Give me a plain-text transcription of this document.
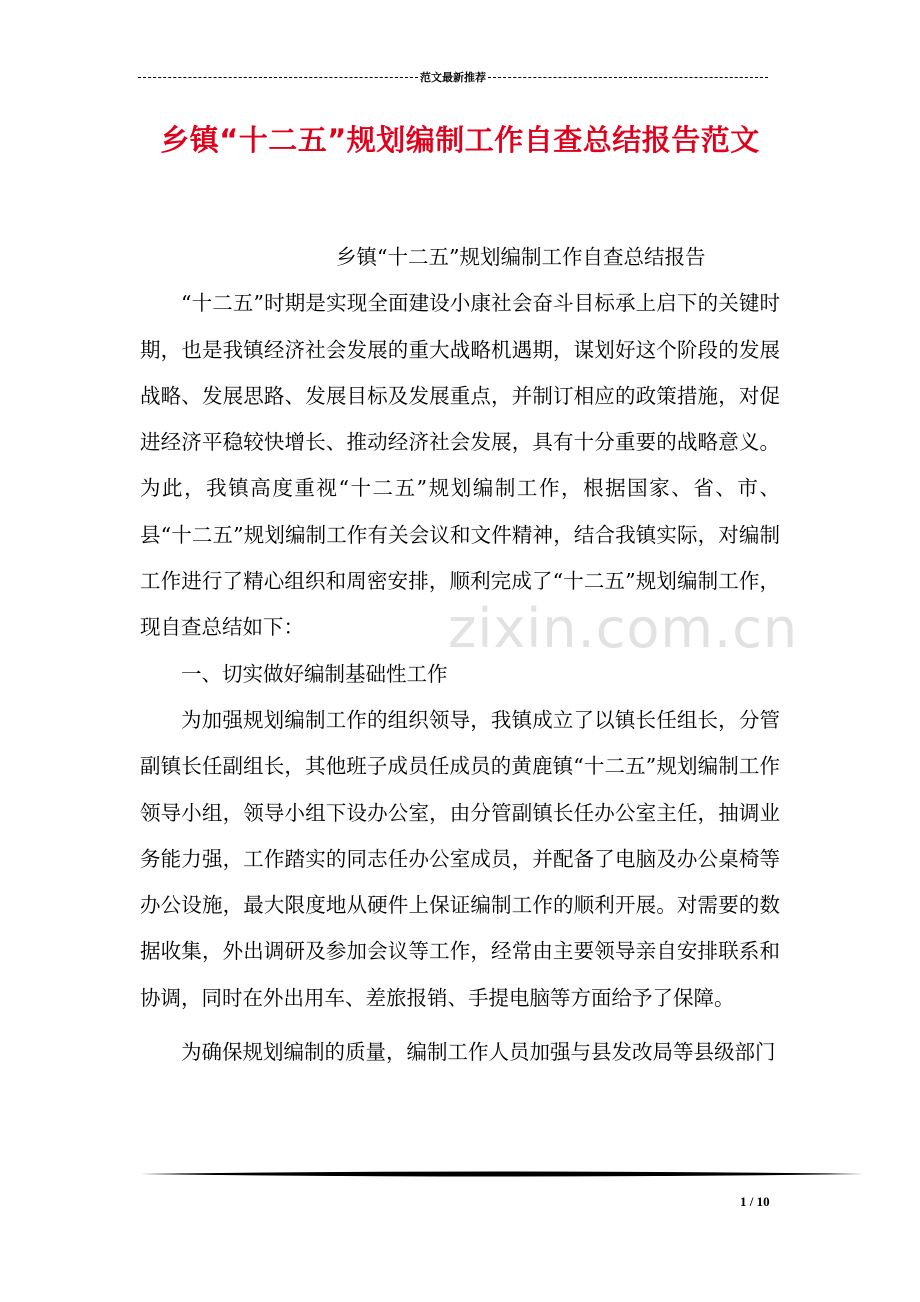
范文最新推荐
乡镇“十二五”规划编制工作自查总结报告范文

乡镇“十二五”规划编制工作自查总结报告

“十二五”时期是实现全面建设小康社会奋斗目标承上启下的关键时期，也是我镇经济社会发展的重大战略机遇期，谋划好这个阶段的发展战略、发展思路、发展目标及发展重点，并制订相应的政策措施，对促进经济平稳较快增长、推动经济社会发展，具有十分重要的战略意义。为此，我镇高度重视“十二五”规划编制工作，根据国家、省、市、县“十二五”规划编制工作有关会议和文件精神，结合我镇实际，对编制工作进行了精心组织和周密安排，顺利完成了“十二五”规划编制工作，现自查总结如下：

一、切实做好编制基础性工作

为加强规划编制工作的组织领导，我镇成立了以镇长任组长，分管副镇长任副组长，其他班子成员任成员的黄鹿镇“十二五”规划编制工作领导小组，领导小组下设办公室，由分管副镇长任办公室主任，抽调业务能力强，工作踏实的同志任办公室成员，并配备了电脑及办公桌椅等办公设施，最大限度地从硬件上保证编制工作的顺利开展。对需要的数据收集，外出调研及参加会议等工作，经常由主要领导亲自安排联系和协调，同时在外出用车、差旅报销、手提电脑等方面给予了保障。

为确保规划编制的质量，编制工作人员加强与县发改局等县级部门

zixin.com.cn
1 / 10
